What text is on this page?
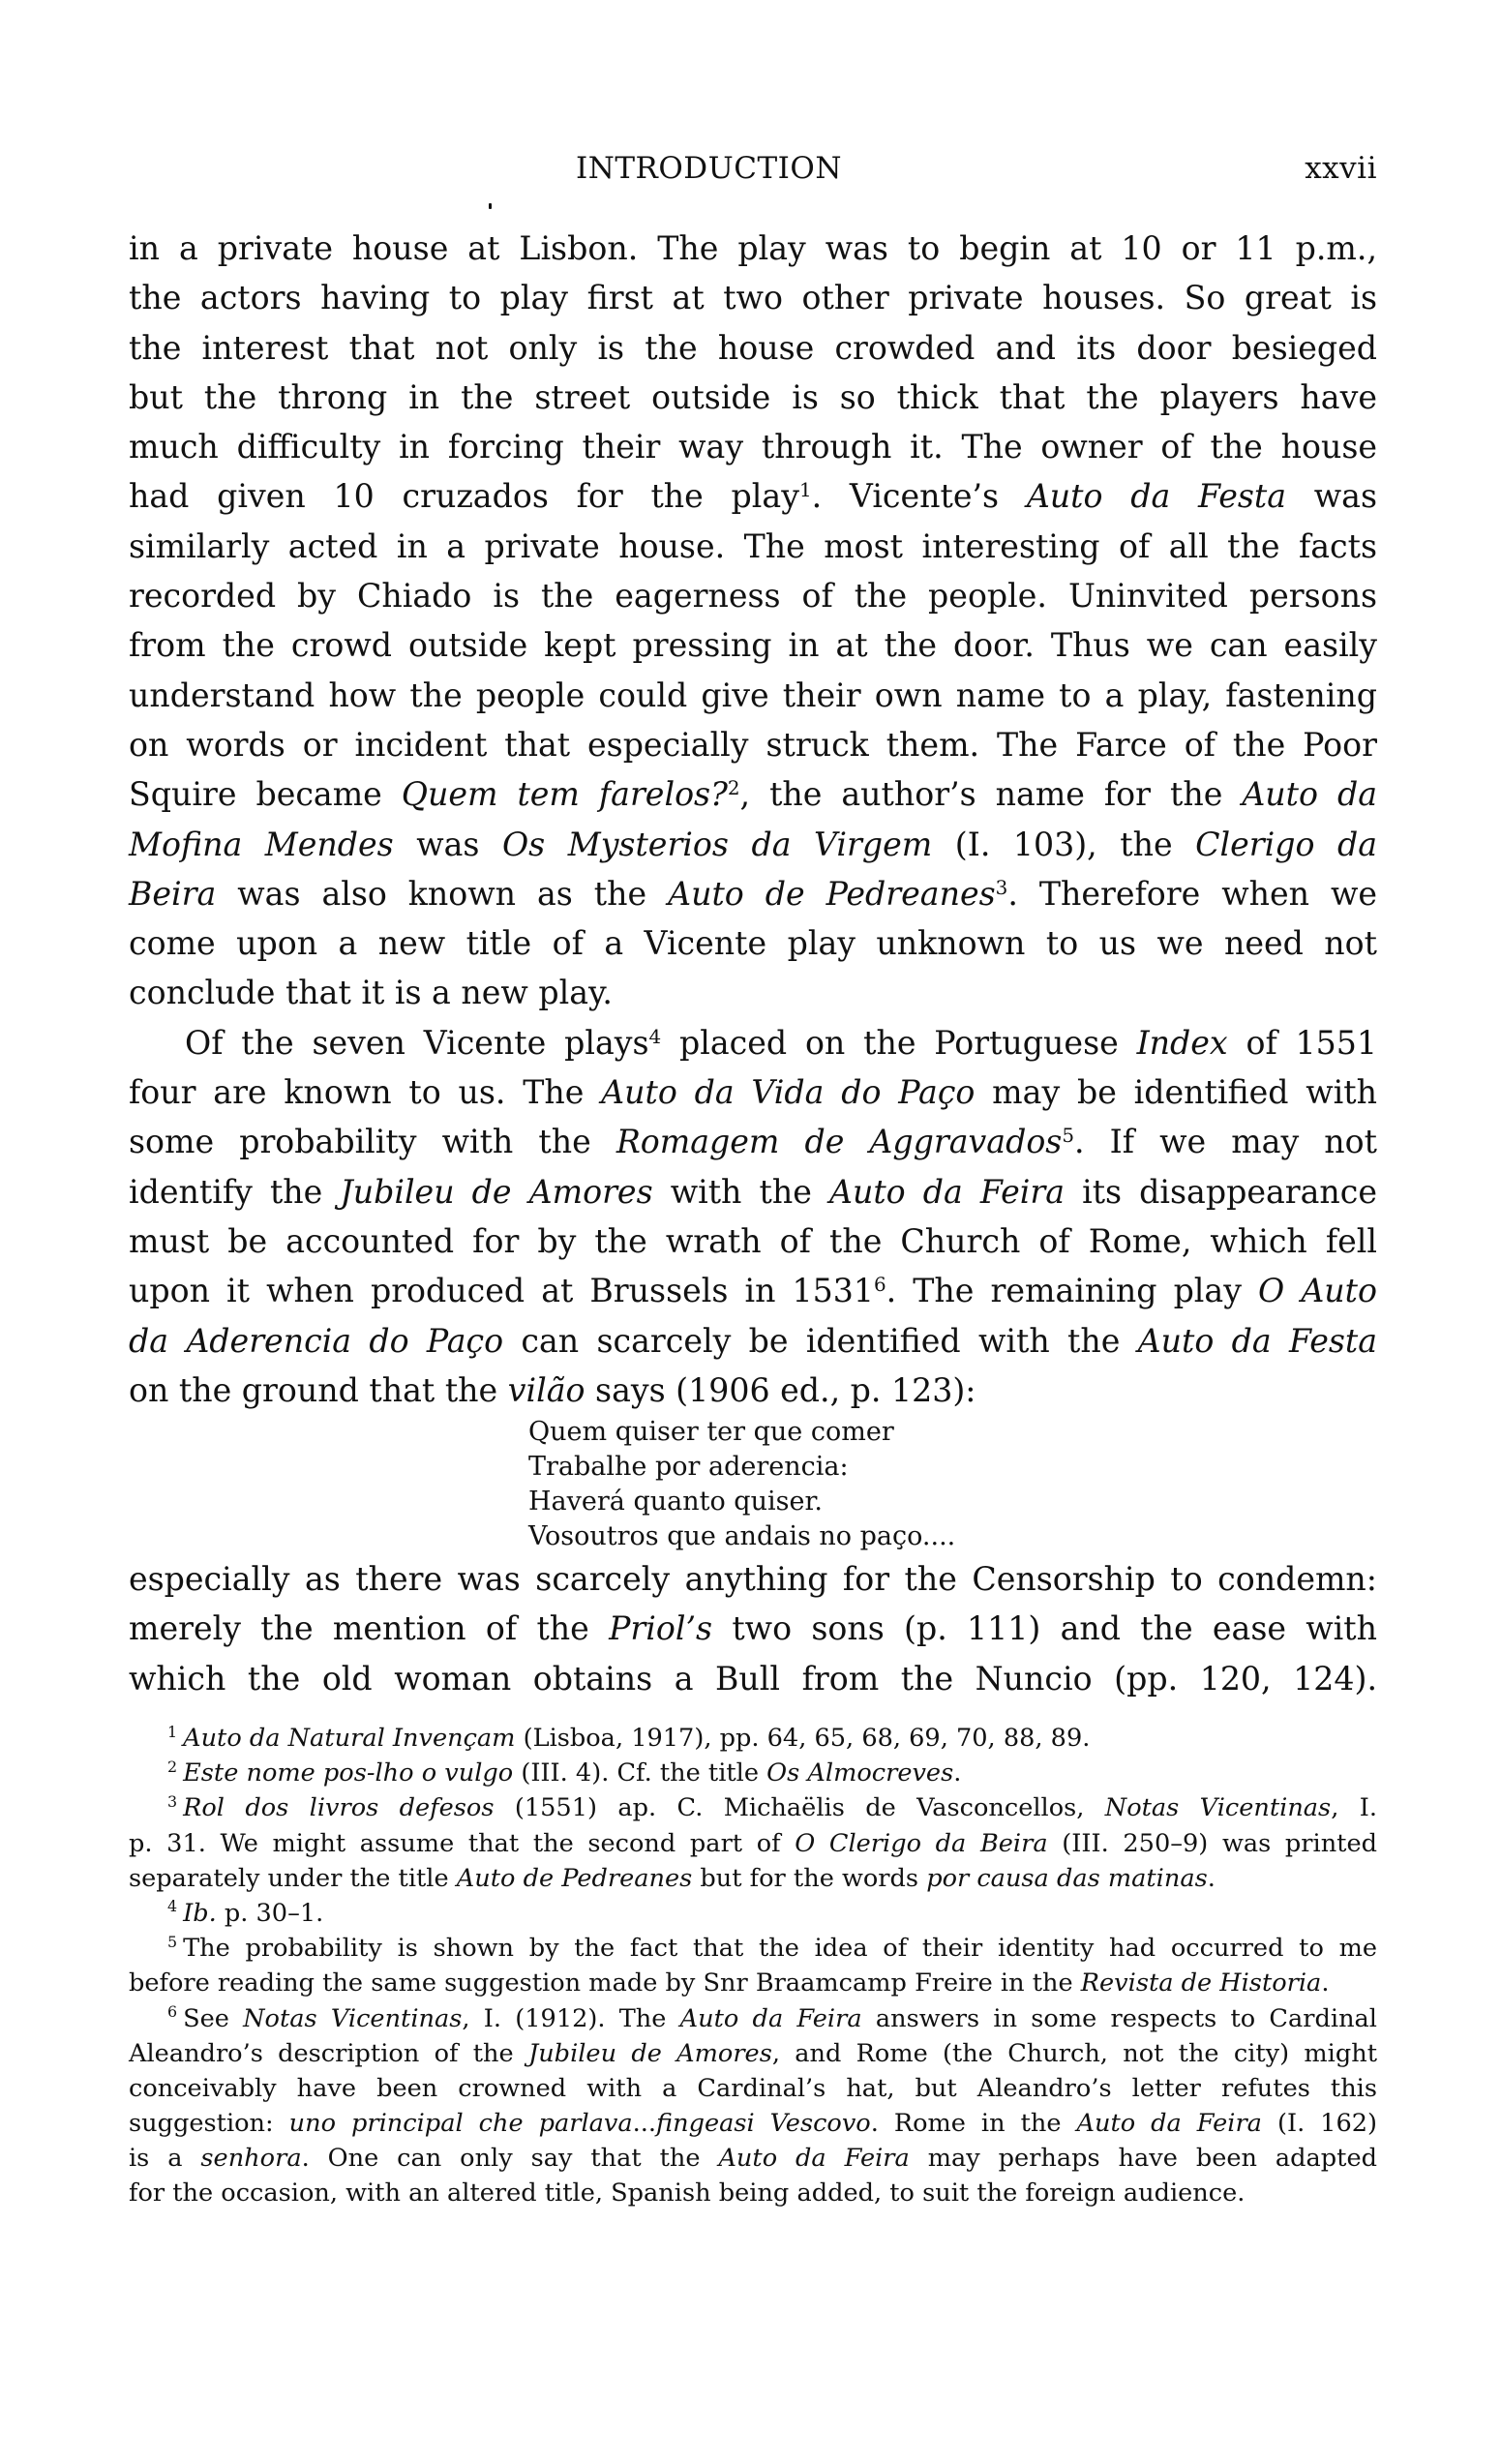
INTRODUCTION	xxvii
in a private house at Lisbon. The play was to begin at 10 or 11 p.m.,
the actors having to play first at two other private houses. So great is
the interest that not only is the house crowded and its door besieged
but the throng in the street outside is so thick that the players have
much difficulty in forcing their way through it. The owner of the house
had given 10 cruzados for the play$^1$. Vicente’s Auto da Festa was
similarly acted in a private house. The most interesting of all the facts
recorded by Chiado is the eagerness of the people. Uninvited persons
from the crowd outside kept pressing in at the door. Thus we can easily
understand how the people could give their own name to a play, fastening
on words or incident that especially struck them. The Farce of the Poor
Squire became Quem tem farelos?$^2$, the author’s name for the Auto da
Mofina Mendes was Os Mysterios da Virgem (I. 103), the Clerigo da
Beira was also known as the Auto de Pedreanes$^3$. Therefore when we
come upon a new title of a Vicente play unknown to us we need not
conclude that it is a new play.
Of the seven Vicente plays$^4$ placed on the Portuguese Index of 1551
four are known to us. The Auto da Vida do Paço may be identified with
some probability with the Romagem de Aggravados$^5$. If we may not
identify the Jubileu de Amores with the Auto da Feira its disappearance
must be accounted for by the wrath of the Church of Rome, which fell
upon it when produced at Brussels in 1531$^6$. The remaining play O Auto
da Aderencia do Paço can scarcely be identified with the Auto da Festa
on the ground that the vilão says (1906 ed., p. 123):
Quem quiser ter que comer
Trabalhe por aderencia:
Haverá quanto quiser.
Vosoutros que andais no paço....
especially as there was scarcely anything for the Censorship to condemn:
merely the mention of the Priol’s two sons (p. 111) and the ease with
which the old woman obtains a Bull from the Nuncio (pp. 120, 124).
$^1$ Auto da Natural Invençam (Lisboa, 1917), pp. 64, 65, 68, 69, 70, 88, 89.
$^2$ Este nome pos-lho o vulgo (III. 4). Cf. the title Os Almocreves.
$^3$ Rol dos livros defesos (1551) ap. C. Michaëlis de Vasconcellos, Notas Vicentinas, I.
p. 31. We might assume that the second part of O Clerigo da Beira (III. 250–9) was printed
separately under the title Auto de Pedreanes but for the words por causa das matinas.
$^4$ Ib. p. 30–1.
$^5$ The probability is shown by the fact that the idea of their identity had occurred to me
before reading the same suggestion made by Snr Braamcamp Freire in the Revista de Historia.
$^6$ See Notas Vicentinas, I. (1912). The Auto da Feira answers in some respects to Cardinal
Aleandro’s description of the Jubileu de Amores, and Rome (the Church, not the city) might
conceivably have been crowned with a Cardinal’s hat, but Aleandro’s letter refutes this
suggestion: uno principal che parlava...fingeasi Vescovo. Rome in the Auto da Feira (I. 162)
is a senhora. One can only say that the Auto da Feira may perhaps have been adapted
for the occasion, with an altered title, Spanish being added, to suit the foreign audience.
